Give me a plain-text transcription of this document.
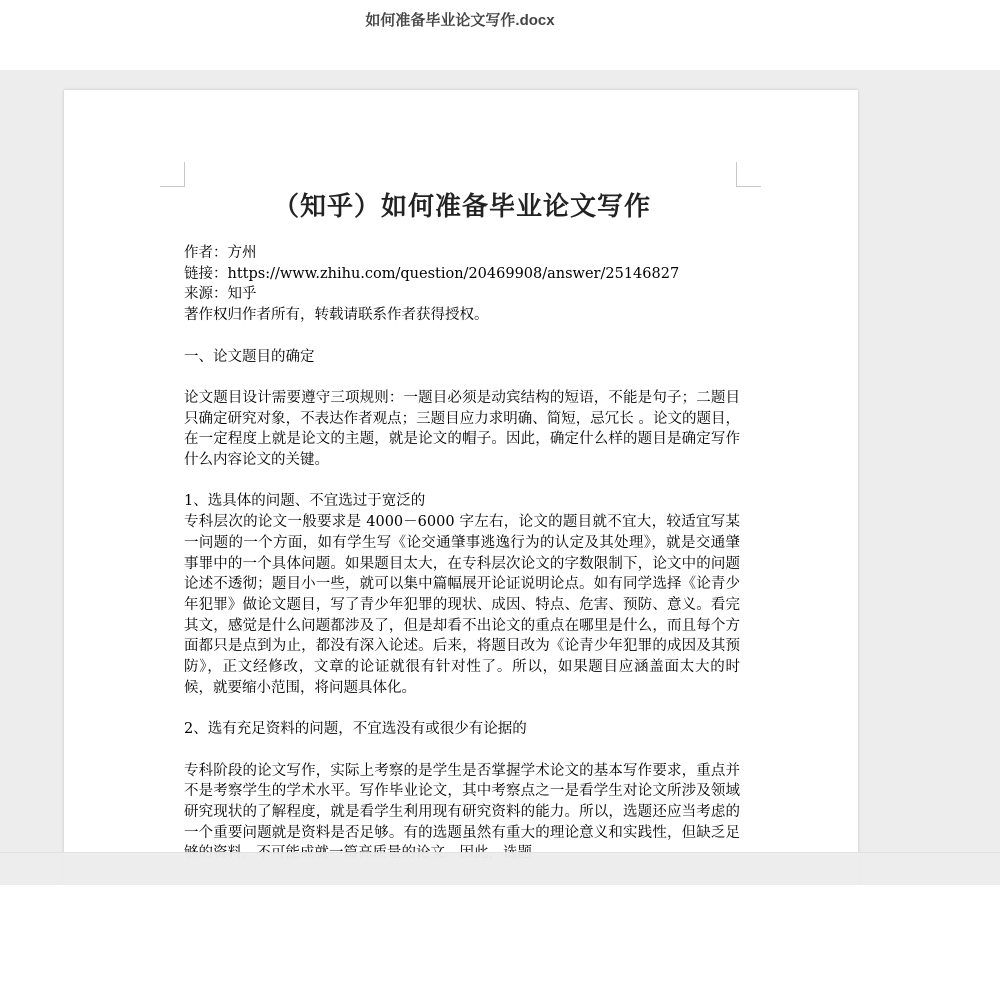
如何准备毕业论文写作.docx
（知乎）如何准备毕业论文写作
作者：方州
链接：https://www.zhihu.com/question/20469908/answer/25146827
来源：知乎
著作权归作者所有，转载请联系作者获得授权。
一、论文题目的确定
论文题目设计需要遵守三项规则：一题目必须是动宾结构的短语，不能是句子；二题目只确定研究对象，不表达作者观点；三题目应力求明确、简短，忌冗长 。论文的题目，在一定程度上就是论文的主题，就是论文的帽子。因此，确定什么样的题目是确定写作什么内容论文的关键。
1、选具体的问题、不宜选过于宽泛的
专科层次的论文一般要求是 4000－6000 字左右，论文的题目就不宜大，较适宜写某一问题的一个方面，如有学生写《论交通肇事逃逸行为的认定及其处理》，就是交通肇事罪中的一个具体问题。如果题目太大，在专科层次论文的字数限制下，论文中的问题论述不透彻；题目小一些，就可以集中篇幅展开论证说明论点。如有同学选择《论青少年犯罪》做论文题目，写了青少年犯罪的现状、成因、特点、危害、预防、意义。看完其文，感觉是什么问题都涉及了，但是却看不出论文的重点在哪里是什么，而且每个方面都只是点到为止，都没有深入论述。后来，将题目改为《论青少年犯罪的成因及其预防》，正文经修改，文章的论证就很有针对性了。所以，如果题目应涵盖面太大的时候，就要缩小范围，将问题具体化。
2、选有充足资料的问题，不宜选没有或很少有论据的
专科阶段的论文写作，实际上考察的是学生是否掌握学术论文的基本写作要求，重点并不是考察学生的学术水平。写作毕业论文，其中考察点之一是看学生对论文所涉及领域研究现状的了解程度，就是看学生利用现有研究资料的能力。所以，选题还应当考虑的一个重要问题就是资料是否足够。有的选题虽然有重大的理论意义和实践性，但缺乏足
